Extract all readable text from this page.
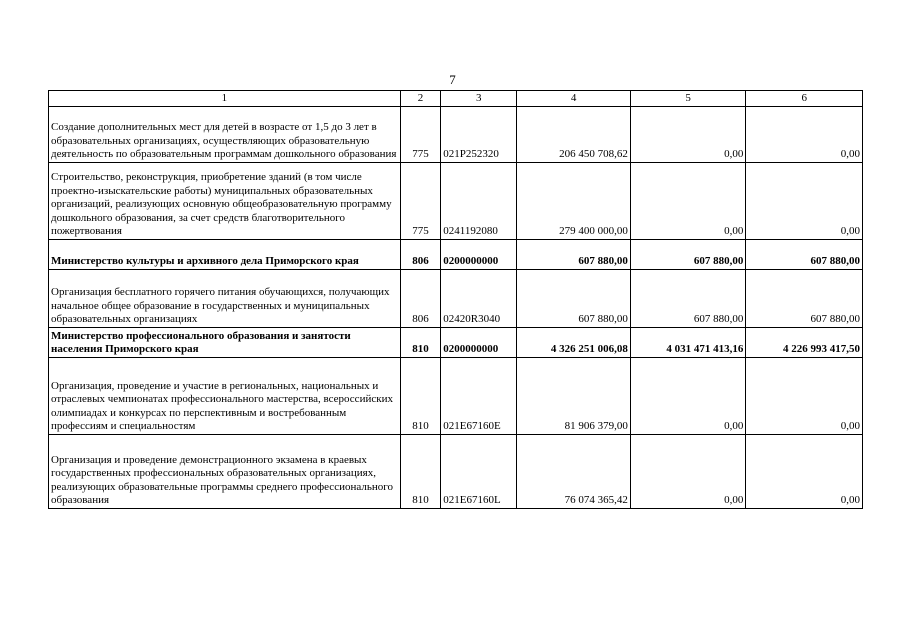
7
1	2	3	4	5	6
Создание дополнительных мест для детей в возрасте от 1,5 до 3 лет в образовательных организациях, осуществляющих образовательную деятельность по образовательным программам дошкольного образования	775	021P252320	206 450 708,62	0,00	0,00
Строительство, реконструкция, приобретение зданий (в том числе проектно-изыскательские работы) муниципальных образовательных организаций, реализующих основную общеобразовательную программу дошкольного образования, за счет средств благотворительного пожертвования	775	0241192080	279 400 000,00	0,00	0,00
Министерство культуры и архивного дела Приморского края	806	0200000000	607 880,00	607 880,00	607 880,00
Организация бесплатного горячего питания обучающихся, получающих начальное общее образование в государственных и муниципальных образовательных организациях	806	02420R3040	607 880,00	607 880,00	607 880,00
Министерство профессионального образования и занятости населения Приморского края	810	0200000000	4 326 251 006,08	4 031 471 413,16	4 226 993 417,50
Организация, проведение и участие в региональных, национальных и отраслевых чемпионатах профессионального мастерства, всероссийских олимпиадах и конкурсах по перспективным и востребованным профессиям и специальностям	810	021E67160E	81 906 379,00	0,00	0,00
Организация и проведение демонстрационного экзамена в краевых государственных профессиональных образовательных организациях, реализующих образовательные программы среднего профессионального образования	810	021E67160L	76 074 365,42	0,00	0,00
